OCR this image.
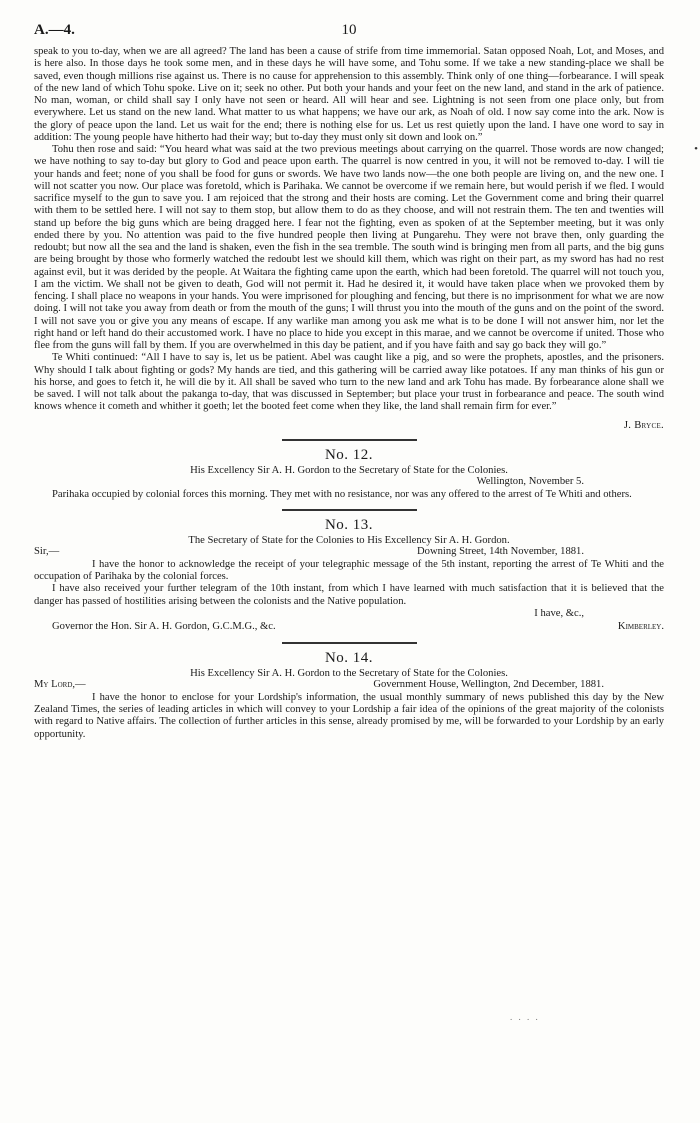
A.—4.	10

speak to you to-day, when we are all agreed? The land has been a cause of strife from time immemorial. Satan opposed Noah, Lot, and Moses, and is here also. In those days he took some men, and in these days he will have some, and Tohu some. If we take a new standing-place we shall be saved, even though millions rise against us. There is no cause for apprehension to this assembly. Think only of one thing—forbearance. I will speak of the new land of which Tohu spoke. Live on it; seek no other. Put both your hands and your feet on the new land, and stand in the ark of patience. No man, woman, or child shall say I only have not seen or heard. All will hear and see. Lightning is not seen from one place only, but from everywhere. Let us stand on the new land. What matter to us what happens; we have our ark, as Noah of old. I now say come into the ark. Now is the glory of peace upon the land. Let us wait for the end; there is nothing else for us. Let us rest quietly upon the land. I have one word to say in addition: The young people have hitherto had their way; but to-day they must only sit down and look on.”

Tohu then rose and said: “You heard what was said at the two previous meetings about carrying on the quarrel. Those words are now changed; we have nothing to say to-day but glory to God and peace upon earth. The quarrel is now centred in you, it will not be removed to-day. I will tie your hands and feet; none of you shall be food for guns or swords. We have two lands now—the one both people are living on, and the new one. I will not scatter you now. Our place was foretold, which is Parihaka. We cannot be overcome if we remain here, but would perish if we fled. I would sacrifice myself to the gun to save you. I am rejoiced that the strong and their hosts are coming. Let the Government come and bring their quarrel with them to be settled here. I will not say to them stop, but allow them to do as they choose, and will not restrain them. The ten and twenties will stand up before the big guns which are being dragged here. I fear not the fighting, even as spoken of at the September meeting, but it was only ended there by you. No attention was paid to the five hundred people then living at Pungarehu. They were not brave then, only guarding the redoubt; but now all the sea and the land is shaken, even the fish in the sea tremble. The south wind is bringing men from all parts, and the big guns are being brought by those who formerly watched the redoubt lest we should kill them, which was right on their part, as my sword has had no rest against evil, but it was derided by the people. At Waitara the fighting came upon the earth, which had been foretold. The quarrel will not touch you, I am the victim. We shall not be given to death, God will not permit it. Had he desired it, it would have taken place when we provoked them by fencing. I shall place no weapons in your hands. You were imprisoned for ploughing and fencing, but there is no imprisonment for what we are now doing. I will not take you away from death or from the mouth of the guns; I will thrust you into the mouth of the guns and on the point of the sword. I will not save you or give you any means of escape. If any warlike man among you ask me what is to be done I will not answer him, nor let the right hand or left hand do their accustomed work. I have no place to hide you except in this marae, and we cannot be overcome if united. Those who flee from the guns will fall by them. If you are overwhelmed in this day be patient, and if you have faith and say go back they will go.”

Te Whiti continued: “All I have to say is, let us be patient. Abel was caught like a pig, and so were the prophets, apostles, and the prisoners. Why should I talk about fighting or gods? My hands are tied, and this gathering will be carried away like potatoes. If any man thinks of his gun or his horse, and goes to fetch it, he will die by it. All shall be saved who turn to the new land and ark Tohu has made. By forbearance alone shall we be saved. I will not talk about the pakanga to-day, that was discussed in September; but place your trust in forbearance and peace. The south wind knows whence it cometh and whither it goeth; let the booted feet come when they like, the land shall remain firm for ever.”

J. Bryce.

No. 12.

His Excellency Sir A. H. Gordon to the Secretary of State for the Colonies.

Wellington, November 5.

Parihaka occupied by colonial forces this morning. They met with no resistance, nor was any offered to the arrest of Te Whiti and others.

No. 13.

The Secretary of State for the Colonies to His Excellency Sir A. H. Gordon.

Sir,—	Downing Street, 14th November, 1881.

I have the honor to acknowledge the receipt of your telegraphic message of the 5th instant, reporting the arrest of Te Whiti and the occupation of Parihaka by the colonial forces.

I have also received your further telegram of the 10th instant, from which I have learned with much satisfaction that it is believed that the danger has passed of hostilities arising between the colonists and the Native population.

I have, &c.,
Governor the Hon. Sir A. H. Gordon, G.C.M.G., &c.	Kimberley.
No. 14.

His Excellency Sir A. H. Gordon to the Secretary of State for the Colonies.

My Lord,—	Government House, Wellington, 2nd December, 1881.

I have the honor to enclose for your Lordship's information, the usual monthly summary of news published this day by the New Zealand Times, the series of leading articles in which will convey to your Lordship a fair idea of the opinions of the great majority of the colonists with regard to Native affairs. The collection of further articles in this sense, already promised by me, will be forwarded to your Lordship by an early opportunity.

•
. . . .
